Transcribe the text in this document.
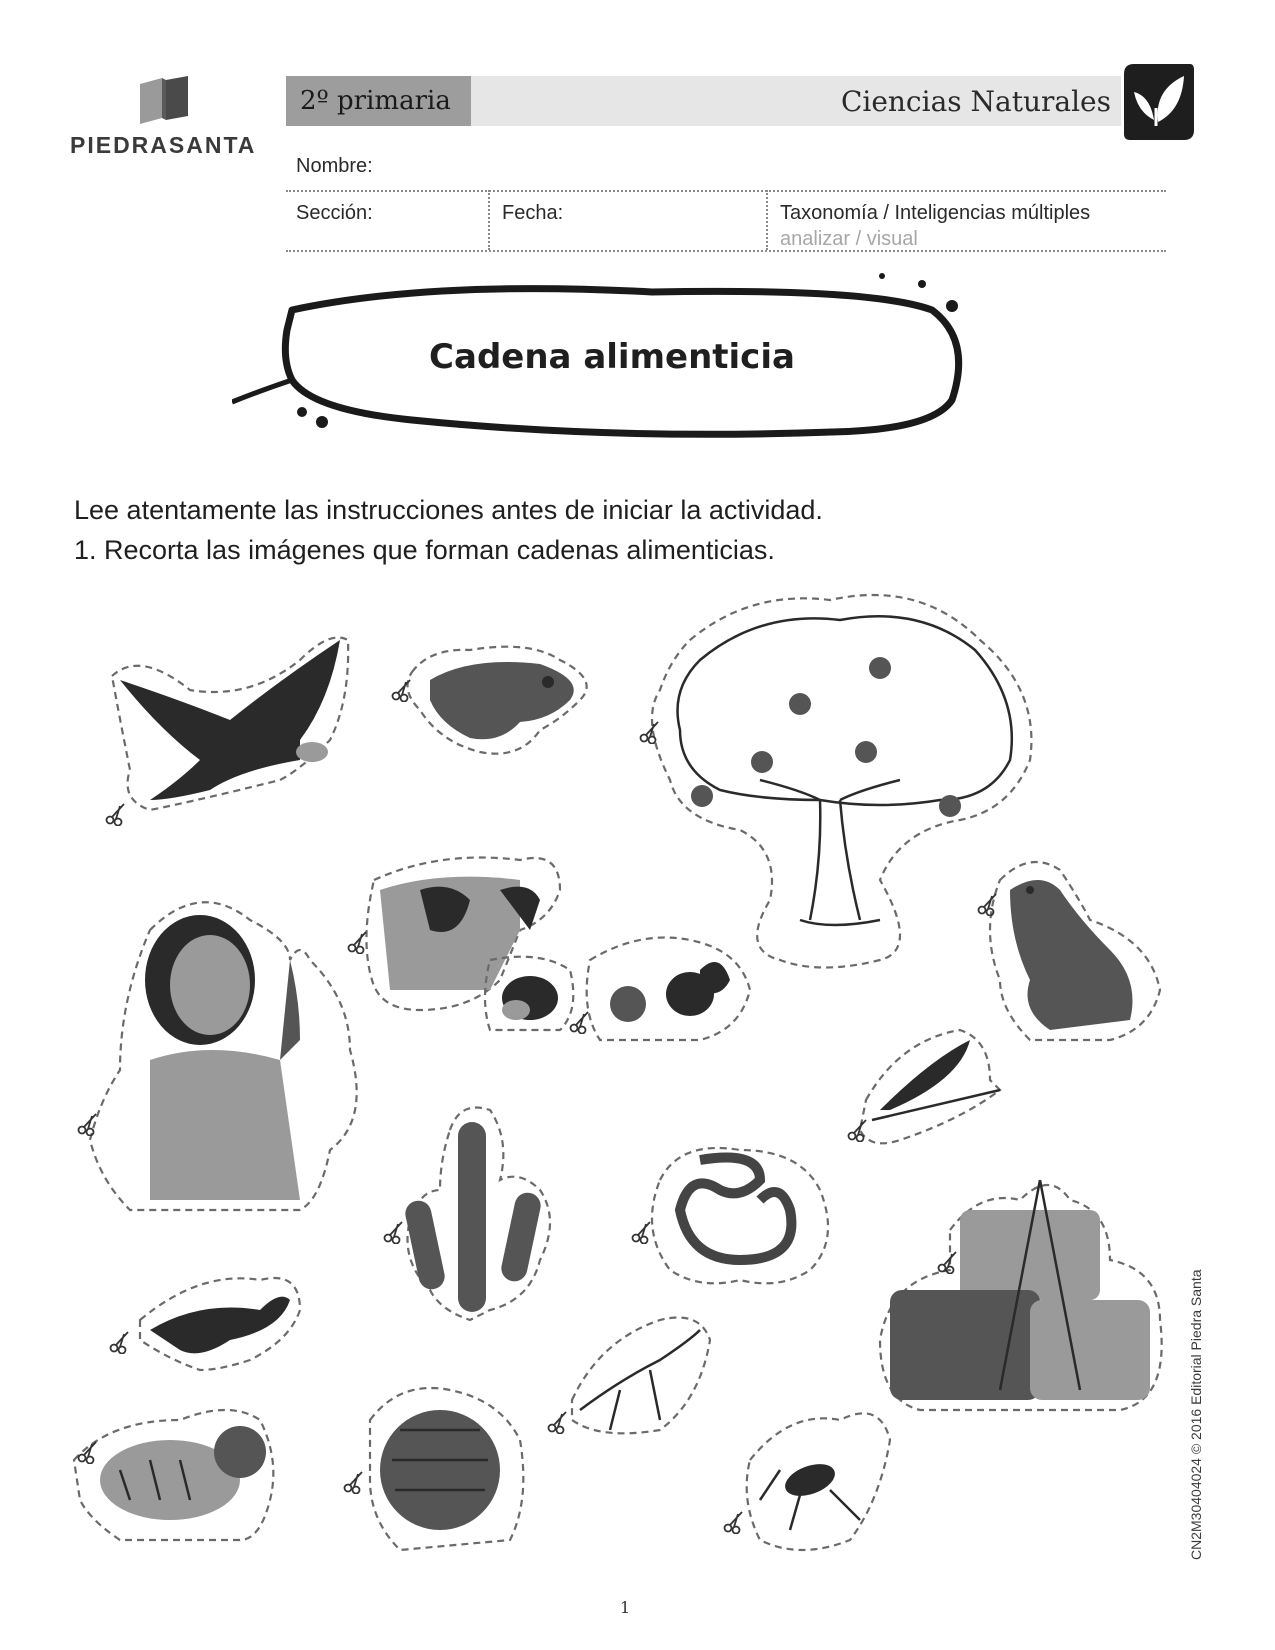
PIEDRASANTA
2º primaria	Ciencias Naturales
Nombre:
Sección:	Fecha:	Taxonomía / Inteligencias múltiples
analizar / visual
Cadena alimenticia
Lee atentamente las instrucciones antes de iniciar la actividad.
1. Recorta las imágenes que forman cadenas alimenticias.
CN2M30404024 © 2016 Editorial Piedra Santa
1
